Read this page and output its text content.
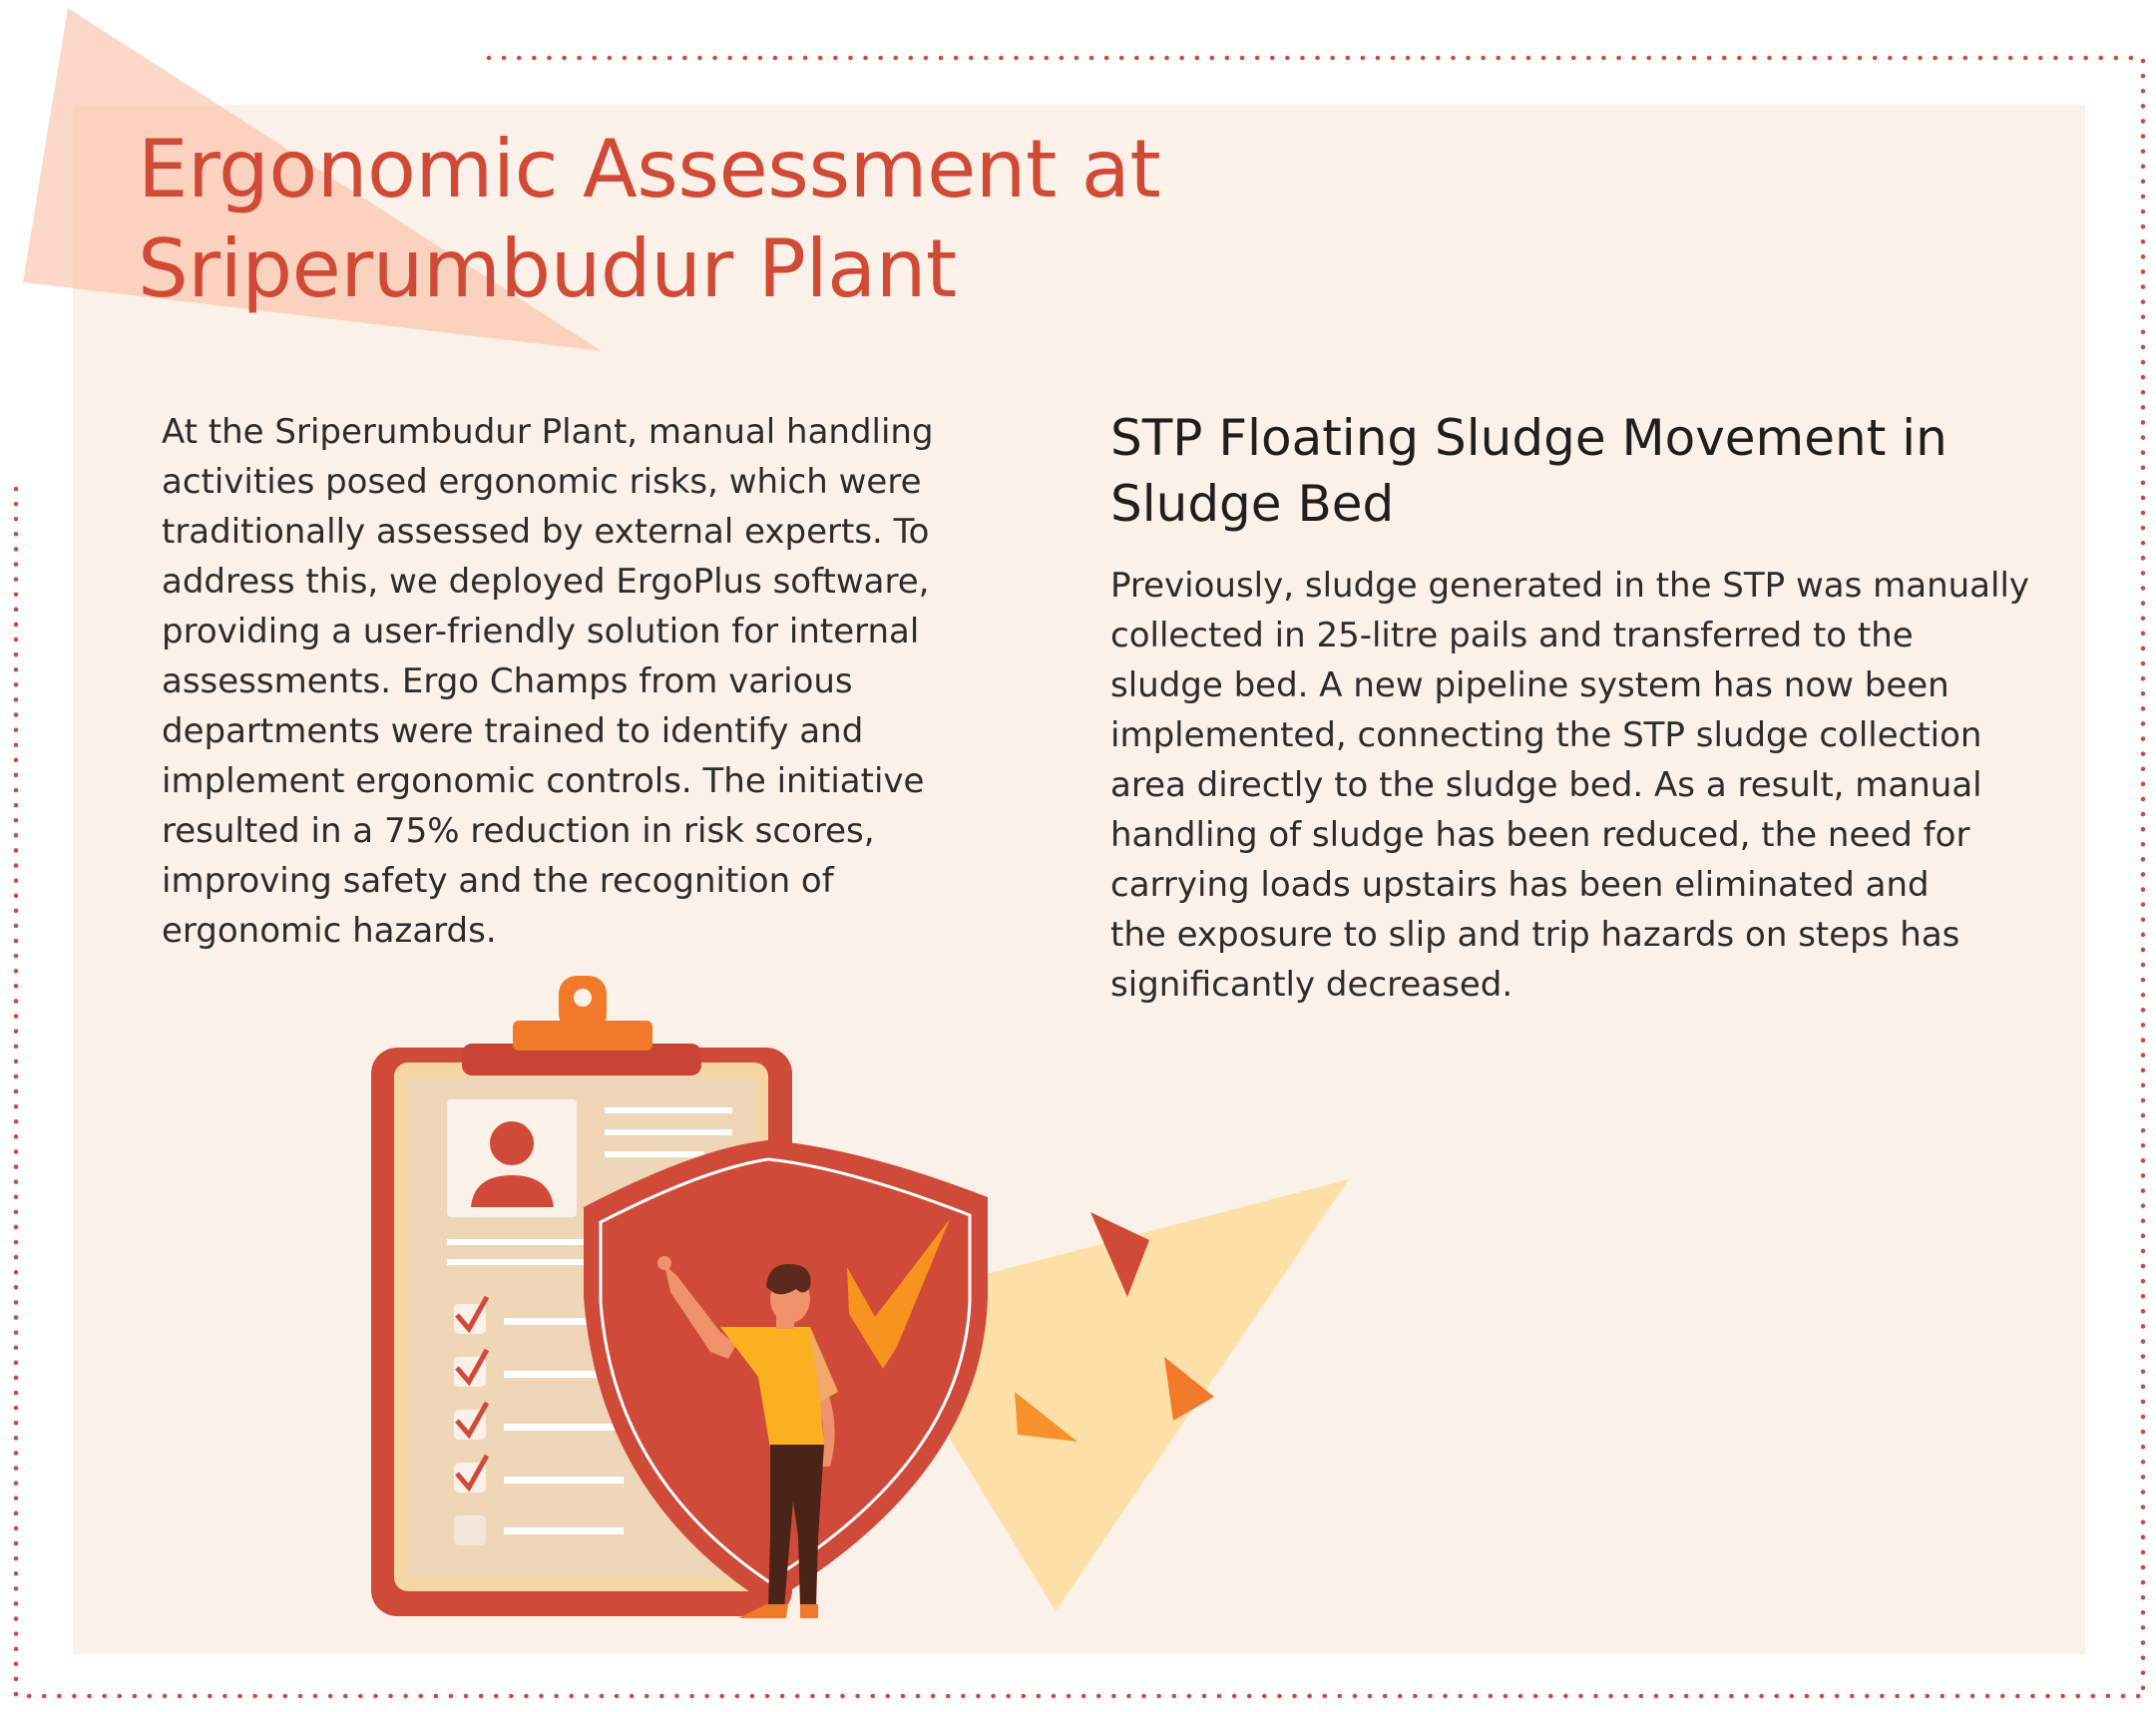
Ergonomic Assessment at
Sriperumbudur Plant

At the Sriperumbudur Plant, manual handling
activities posed ergonomic risks, which were
traditionally assessed by external experts. To
address this, we deployed ErgoPlus software,
providing a user-friendly solution for internal
assessments. Ergo Champs from various
departments were trained to identify and
implement ergonomic controls. The initiative
resulted in a 75% reduction in risk scores,
improving safety and the recognition of
ergonomic hazards.

STP Floating Sludge Movement in
Sludge Bed

Previously, sludge generated in the STP was manually
collected in 25-litre pails and transferred to the
sludge bed. A new pipeline system has now been
implemented, connecting the STP sludge collection
area directly to the sludge bed. As a result, manual
handling of sludge has been reduced, the need for
carrying loads upstairs has been eliminated and
the exposure to slip and trip hazards on steps has
significantly decreased.
